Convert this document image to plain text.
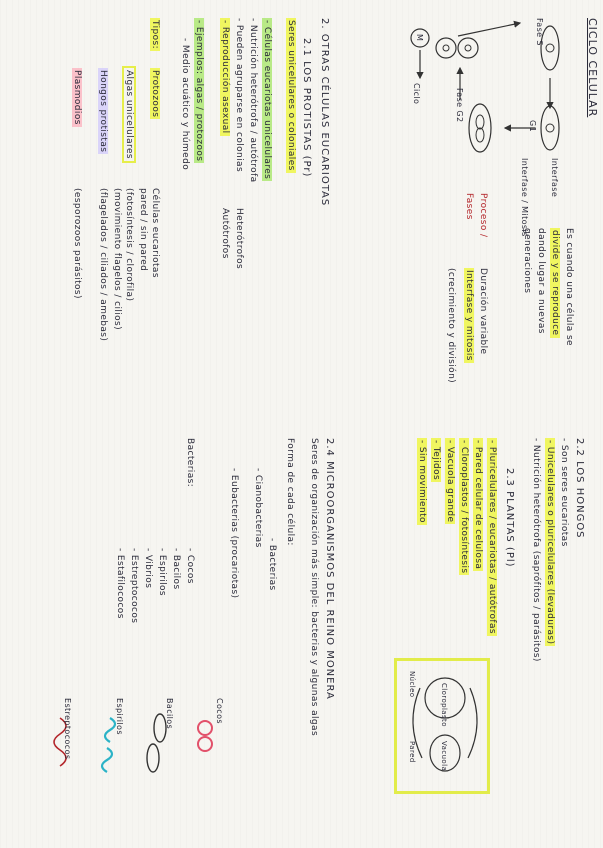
CICLO CELULAR
Fase S
G1
Fase G2
M
Ciclo
Interfase
Interfase / Mitosis
Es cuando una célula se
divide y se reproduce
dando lugar a nuevas
generaciones
Proceso /
Fases
Duración variable
Interfase y mitosis
(crecimiento y división)
2. OTRAS CÉLULAS EUCARIOTAS
2.1 LOS PROTISTAS (Pr)
Seres unicelulares o coloniales
- Células eucariotas unicelulares
- Nutrición heterótrofa / autótrofa
- Pueden agruparse en colonias
- Reproducción asexual
- Ejemplos: algas / protozoos
- Medio acuático y húmedo
Tipos:
Protozoos
Algas unicelulares
Hongos protistas
Plasmodios
Heterótrofos
Autótrofos
Células eucariotas
pared / sin pared
(fotosíntesis / clorofila)
(movimiento flagelos / cilios)
(flagelados / ciliados / amebas)
(esporozoos parásitos)
2.2 LOS HONGOS
- Son seres eucariotas
- Unicelulares o pluricelulares (levaduras)
- Nutrición heterótrofa (saprófitos / parásitos)
2.3 PLANTAS (Pl)
- Pluricelulares / eucariotas / autótrofas
- Pared celular de celulosa
- Cloroplastos / fotosíntesis
- Vacuola grande
- Tejidos
- Sin movimiento
Cloroplasto
Vacuola
Núcleo
Pared
2.4 MICROORGANISMOS DEL REINO MONERA
Seres de organización más simple: bacterias y algunas algas
Forma de cada célula:
- Bacterias
- Cianobacterias
- Eubacterias (procariotas)
Bacterias:
- Cocos
- Bacilos
- Espirilos
- Vibrios
- Estreptococos
- Estafilococos
Cocos
Bacilos
Espirilos
Estreptococos
